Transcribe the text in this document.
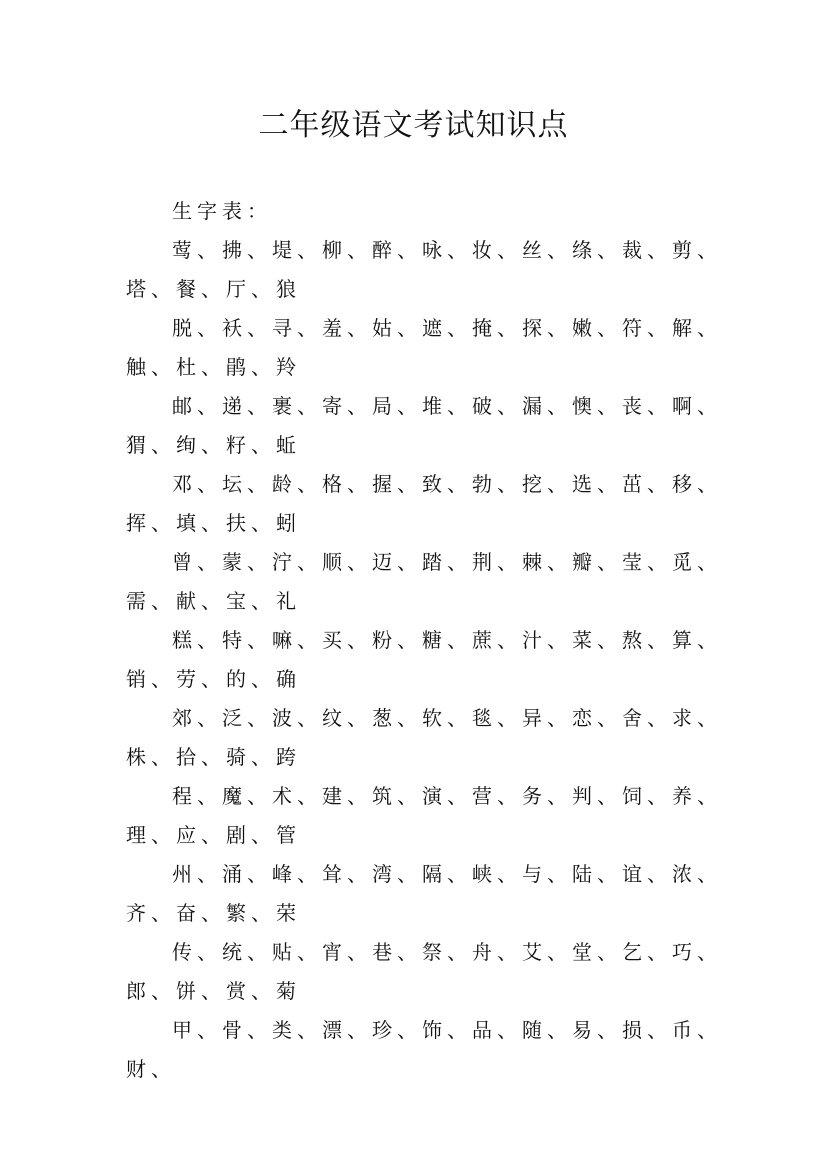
二年级语文考试知识点

生字表：

莺、拂、堤、柳、醉、咏、妆、丝、绦、裁、剪、塔、餐、厅、狼

脱、袄、寻、羞、姑、遮、掩、探、嫩、符、解、触、杜、鹃、羚

邮、递、裹、寄、局、堆、破、漏、懊、丧、啊、猬、绚、籽、蚯

邓、坛、龄、格、握、致、勃、挖、选、茁、移、挥、填、扶、蚓

曾、蒙、泞、顺、迈、踏、荆、棘、瓣、莹、觅、需、献、宝、礼

糕、特、嘛、买、粉、糖、蔗、汁、菜、熬、算、销、劳、的、确

郊、泛、波、纹、葱、软、毯、异、恋、舍、求、株、拾、骑、跨

程、魔、术、建、筑、演、营、务、判、饲、养、理、应、剧、管

州、涌、峰、耸、湾、隔、峡、与、陆、谊、浓、齐、奋、繁、荣

传、统、贴、宵、巷、祭、舟、艾、堂、乞、巧、郎、饼、赏、菊

甲、骨、类、漂、珍、饰、品、随、易、损、币、财、
